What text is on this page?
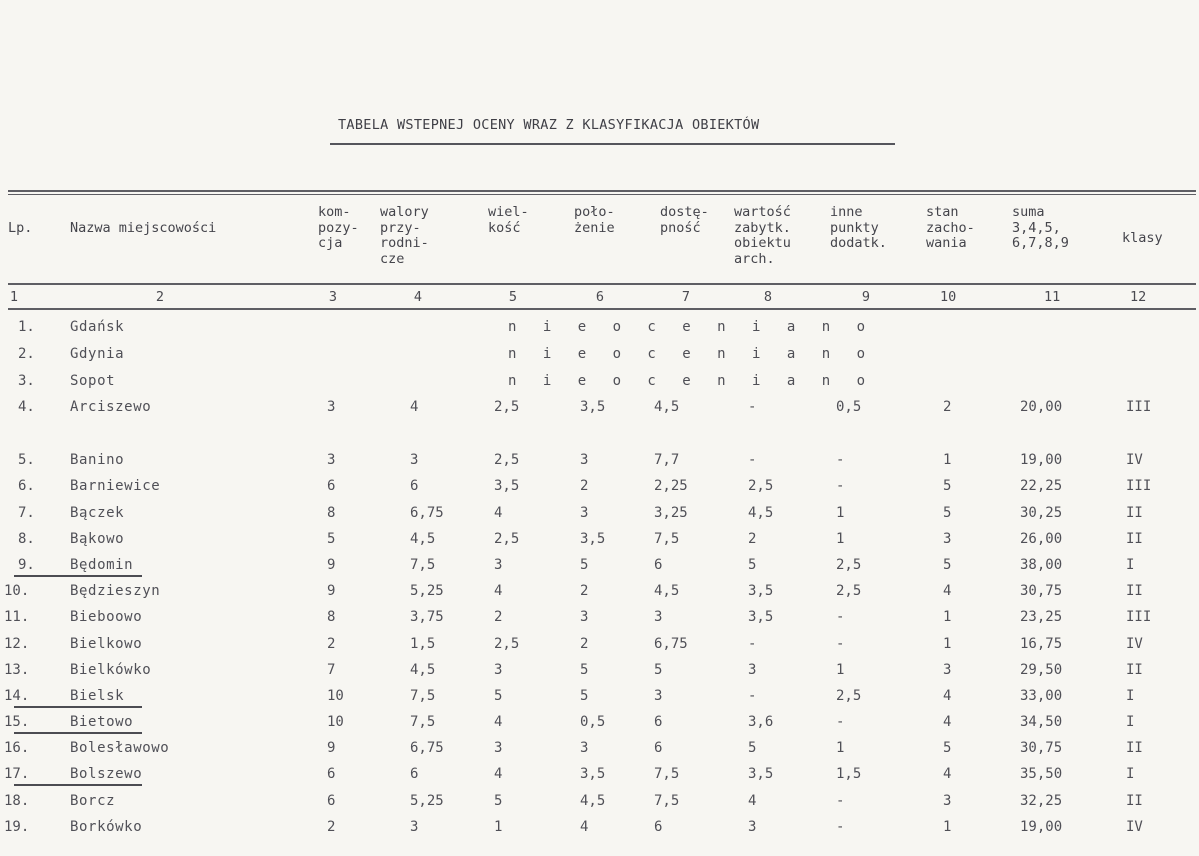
TABELA WSTEPNEJ OCENY WRAZ Z KLASYFIKACJA OBIEKTÓW
Lp.	Nazwa miejscowości
kom-
pozy-
cja
walory
przy-
rodni-
cze
wiel-
kość
poło-
żenie
dostę-
pność
wartość
zabytk.
obiektu
arch.
inne
punkty
dodatk.
stan
zacho-
wania
suma
3,4,5,
6,7,8,9	klasy
1	2	3	4	5	6	7	8	9	10	11	12
1.	Gdańsk	n i e o c e n i a n o
2.	Gdynia	n i e o c e n i a n o
3.	Sopot	n i e o c e n i a n o
4.	Arciszewo	3	4	2,5	3,5	4,5	-	0,5	2	20,00	III
5.	Banino	3	3	2,5	3	7,7	-	-	1	19,00	IV
6.	Barniewice	6	6	3,5	2	2,25	2,5	-	5	22,25	III
7.	Bączek	8	6,75	4	3	3,25	4,5	1	5	30,25	II
8.	Bąkowo	5	4,5	2,5	3,5	7,5	2	1	3	26,00	II
9.	Będomin	9	7,5	3	5	6	5	2,5	5	38,00	I
10.	Będzieszyn	9	5,25	4	2	4,5	3,5	2,5	4	30,75	II
11.	Bieboowo	8	3,75	2	3	3	3,5	-	1	23,25	III
12.	Bielkowo	2	1,5	2,5	2	6,75	-	-	1	16,75	IV
13.	Bielkówko	7	4,5	3	5	5	3	1	3	29,50	II
14.	Bielsk	10	7,5	5	5	3	-	2,5	4	33,00	I
15.	Bietowo	10	7,5	4	0,5	6	3,6	-	4	34,50	I
16.	Bolesławowo	9	6,75	3	3	6	5	1	5	30,75	II
17.	Bolszewo	6	6	4	3,5	7,5	3,5	1,5	4	35,50	I
18.	Borcz	6	5,25	5	4,5	7,5	4	-	3	32,25	II
19.	Borkówko	2	3	1	4	6	3	-	1	19,00	IV
